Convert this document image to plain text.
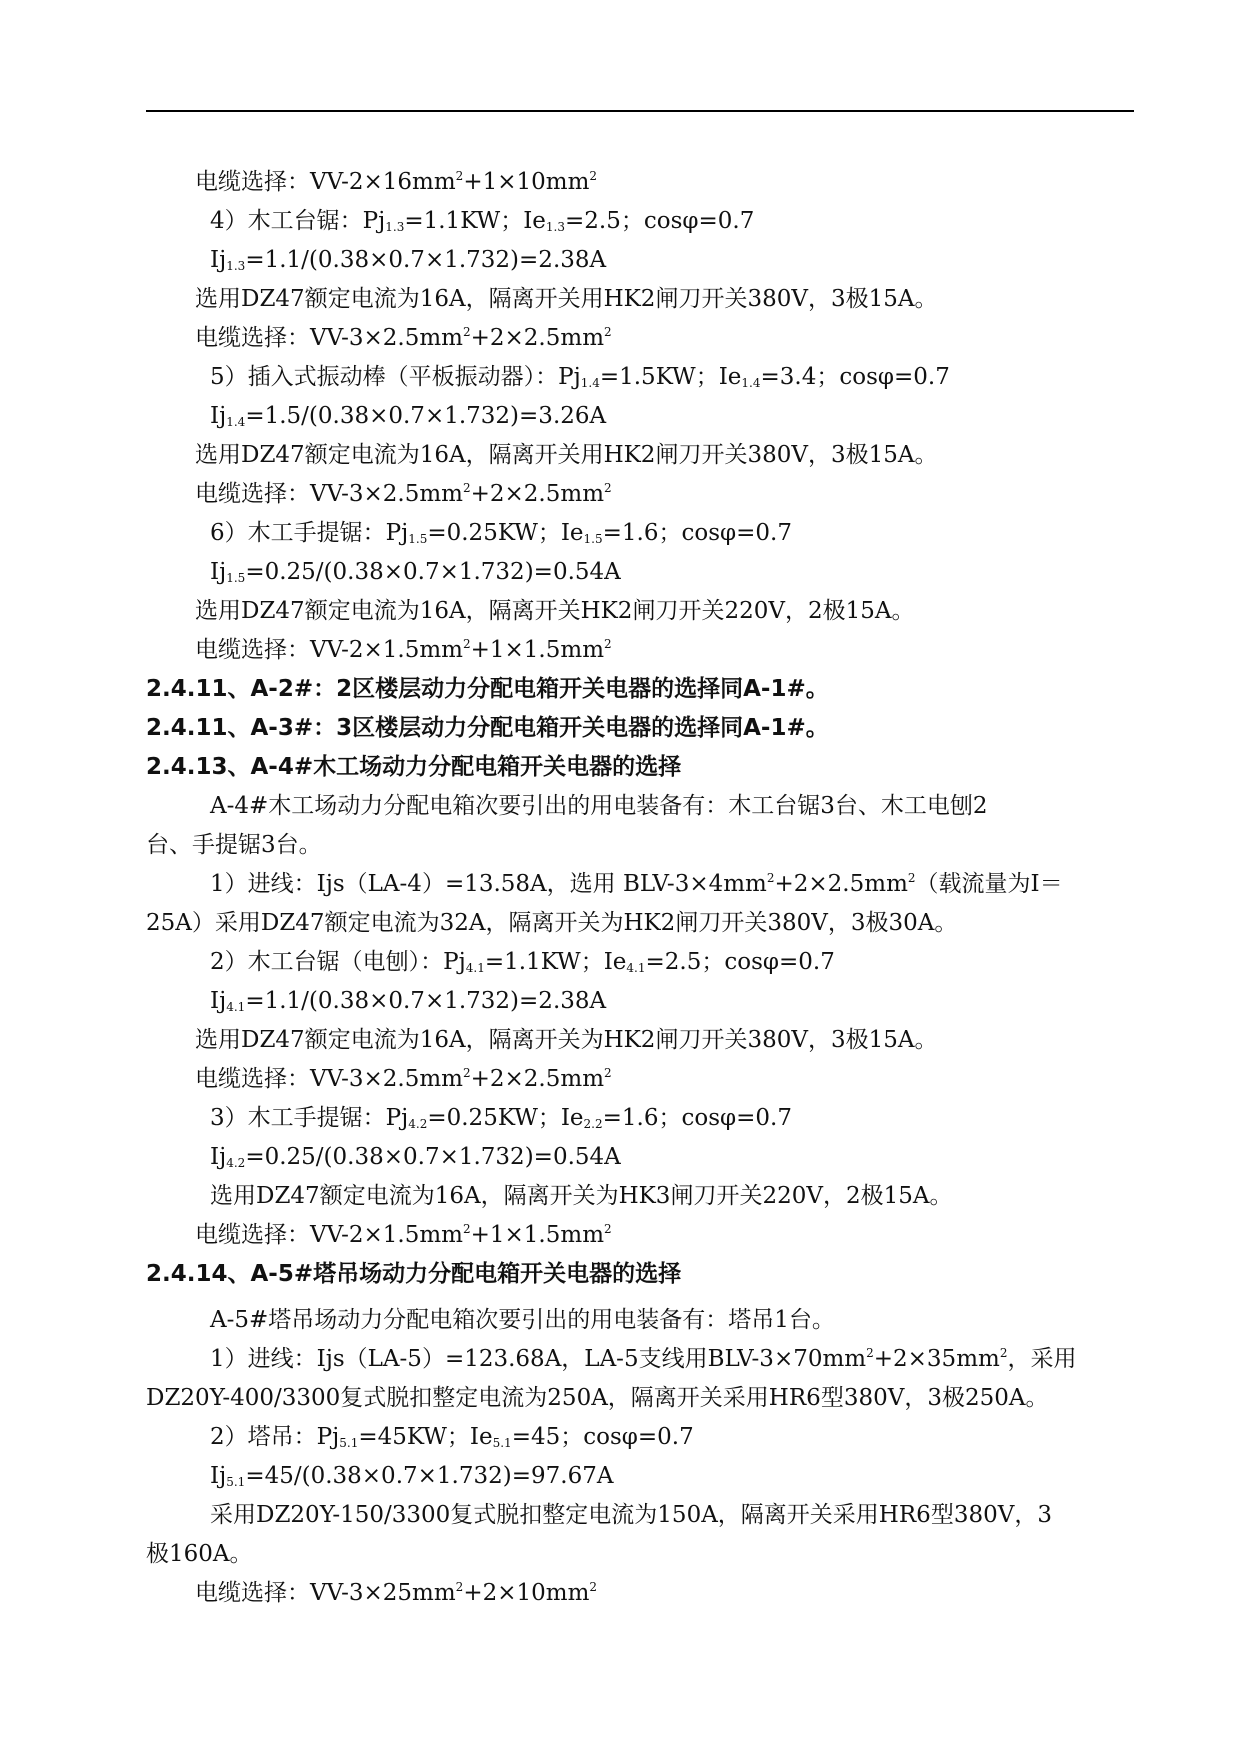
电缆选择：$VV-2\times 16mm^2+1\times 10mm^2$
4）木工台锯：$Pj_{1.3}=1.1KW$；$Ie_{1.3}=2.5$；cosφ=0.7
$Ij_{1.3}=1.1/(0.38\times 0.7\times 1.732)=2.38A$
选用DZ47额定电流为16A，隔离开关用HK2闸刀开关380V，3极15A。
电缆选择：$VV-3\times 2.5mm^2+2\times 2.5mm^2$
5）插入式振动棒（平板振动器）：$Pj_{1.4}=1.5KW$；$Ie_{1.4}=3.4$；cosφ=0.7
$Ij_{1.4}=1.5/(0.38\times 0.7\times 1.732)=3.26A$
选用DZ47额定电流为16A，隔离开关用HK2闸刀开关380V，3极15A。
电缆选择：$VV-3\times 2.5mm^2+2\times 2.5mm^2$
6）木工手提锯：$Pj_{1.5}=0.25KW$；$Ie_{1.5}=1.6$；cosφ=0.7
$Ij_{1.5}=0.25/(0.38\times 0.7\times 1.732)=0.54A$
选用DZ47额定电流为16A，隔离开关HK2闸刀开关220V，2极15A。
电缆选择：$VV-2\times 1.5mm^2+1\times 1.5mm^2$
2.4.11、A-2#：2区楼层动力分配电箱开关电器的选择同A-1#。
2.4.11、A-3#：3区楼层动力分配电箱开关电器的选择同A-1#。
2.4.13、A-4#木工场动力分配电箱开关电器的选择
A-4#木工场动力分配电箱次要引出的用电装备有：木工台锯3台、木工电刨2
台、手提锯3台。
1）进线：Ijs（LA-4）=13.58A，选用 BLV-$3\times 4mm^2+2\times 2.5mm^2$（载流量为I＝
25A）采用DZ47额定电流为32A，隔离开关为HK2闸刀开关380V，3极30A。
2）木工台锯（电刨）：$Pj_{4.1}=1.1KW$；$Ie_{4.1}=2.5$；cosφ=0.7
$Ij_{4.1}=1.1/(0.38\times 0.7\times 1.732)=2.38A$
选用DZ47额定电流为16A，隔离开关为HK2闸刀开关380V，3极15A。
电缆选择：$VV-3\times 2.5mm^2+2\times 2.5mm^2$
3）木工手提锯：$Pj_{4.2}=0.25KW$；$Ie_{2.2}=1.6$；cosφ=0.7
$Ij_{4.2}=0.25/(0.38\times 0.7\times 1.732)=0.54A$
选用DZ47额定电流为16A，隔离开关为HK3闸刀开关220V，2极15A。
电缆选择：$VV-2\times 1.5mm^2+1\times 1.5mm^2$
2.4.14、A-5#塔吊场动力分配电箱开关电器的选择
A-5#塔吊场动力分配电箱次要引出的用电装备有：塔吊1台。
1）进线：Ijs（LA-5）=123.68A，LA-5支线用BLV-$3\times 70mm^2+2\times 35mm^2$，采用
DZ20Y-400/3300复式脱扣整定电流为250A，隔离开关采用HR6型380V，3极250A。
2）塔吊：$Pj_{5.1}=45KW$；$Ie_{5.1}=45$；cosφ=0.7
$Ij_{5.1}=45/(0.38\times 0.7\times 1.732)=97.67A$
采用DZ20Y-150/3300复式脱扣整定电流为150A，隔离开关采用HR6型380V，3
极160A。
电缆选择：$VV-3\times 25mm^2+2\times 10mm^2$
